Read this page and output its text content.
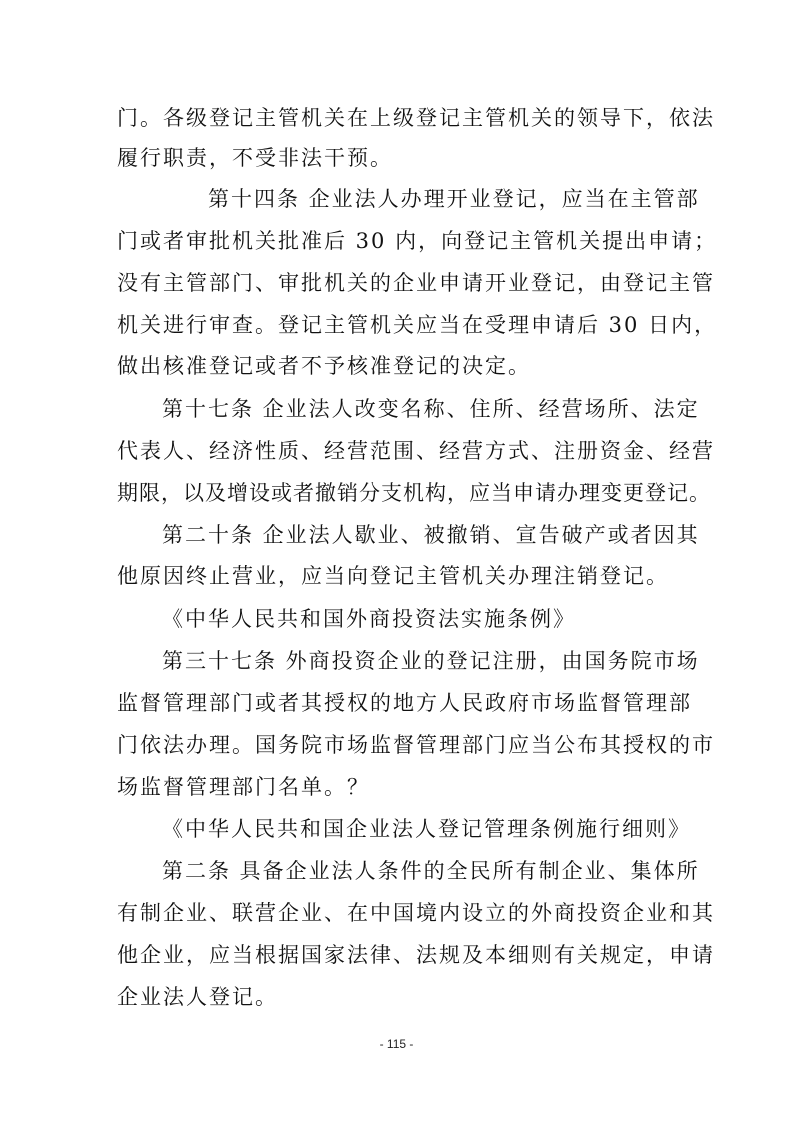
门。各级登记主管机关在上级登记主管机关的领导下，依法
履行职责，不受非法干预。
第十四条 企业法人办理开业登记，应当在主管部
门或者审批机关批准后 30 内，向登记主管机关提出申请；
没有主管部门、审批机关的企业申请开业登记，由登记主管
机关进行审查。登记主管机关应当在受理申请后 30 日内，
做出核准登记或者不予核准登记的决定。
第十七条 企业法人改变名称、住所、经营场所、法定
代表人、经济性质、经营范围、经营方式、注册资金、经营
期限，以及增设或者撤销分支机构，应当申请办理变更登记。
第二十条 企业法人歇业、被撤销、宣告破产或者因其
他原因终止营业，应当向登记主管机关办理注销登记。
《中华人民共和国外商投资法实施条例》
第三十七条 外商投资企业的登记注册，由国务院市场
监督管理部门或者其授权的地方人民政府市场监督管理部
门依法办理。国务院市场监督管理部门应当公布其授权的市
场监督管理部门名单。？
《中华人民共和国企业法人登记管理条例施行细则》
第二条 具备企业法人条件的全民所有制企业、集体所
有制企业、联营企业、在中国境内设立的外商投资企业和其
他企业，应当根据国家法律、法规及本细则有关规定，申请
企业法人登记。
- 115 -
